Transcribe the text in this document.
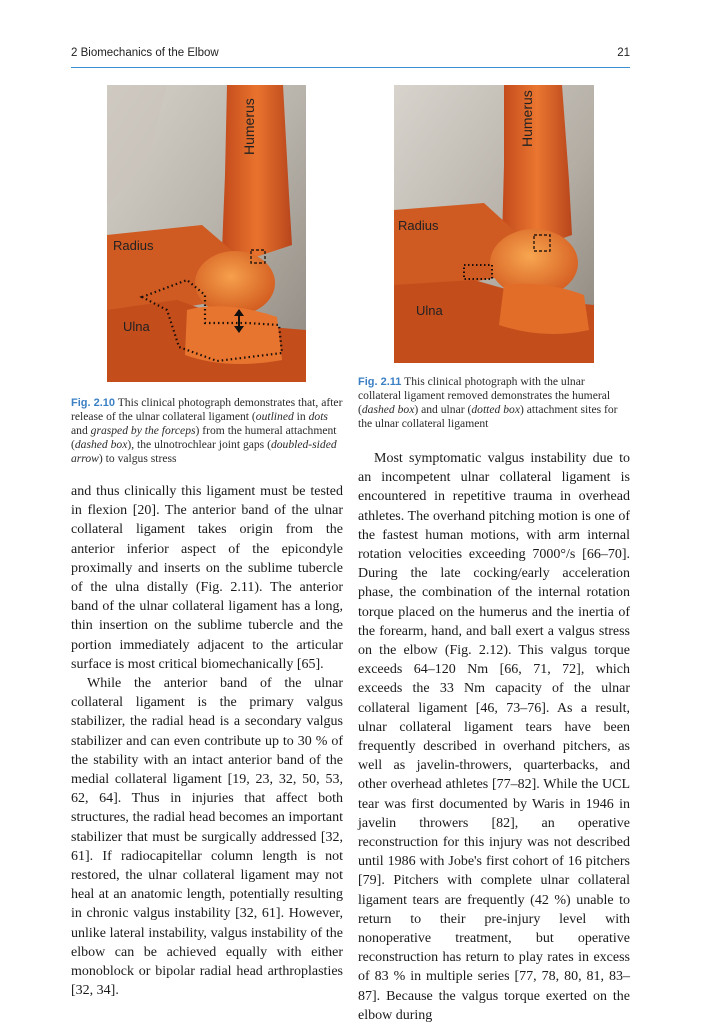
2 Biomechanics of the Elbow	21
Humerus
Radius
Ulna
Humerus
Radius
Ulna
Fig. 2.10 This clinical photograph demonstrates that, after release of the ulnar collateral ligament (outlined in dots and grasped by the forceps) from the humeral attachment (dashed box), the ulnotrochlear joint gaps (doubled-sided arrow) to valgus stress
Fig. 2.11 This clinical photograph with the ulnar collateral ligament removed demonstrates the humeral (dashed box) and ulnar (dotted box) attachment sites for the ulnar collateral ligament

and thus clinically this ligament must be tested in flexion [20]. The anterior band of the ulnar collateral ligament takes origin from the anterior inferior aspect of the epicondyle proximally and inserts on the sublime tubercle of the ulna distally (Fig. 2.11). The anterior band of the ulnar collateral ligament has a long, thin insertion on the sublime tubercle and the portion immediately adjacent to the articular surface is most critical biomechanically [65].

While the anterior band of the ulnar collateral ligament is the primary valgus stabilizer, the radial head is a secondary valgus stabilizer and can even contribute up to 30 % of the stability with an intact anterior band of the medial collateral ligament [19, 23, 32, 50, 53, 62, 64]. Thus in injuries that affect both structures, the radial head becomes an important stabilizer that must be surgically addressed [32, 61]. If radiocapitellar column length is not restored, the ulnar collateral ligament may not heal at an anatomic length, potentially resulting in chronic valgus instability [32, 61]. However, unlike lateral instability, valgus instability of the elbow can be achieved equally with either monoblock or bipolar radial head arthroplasties [32, 34].

Most symptomatic valgus instability due to an incompetent ulnar collateral ligament is encountered in repetitive trauma in overhead athletes. The overhand pitching motion is one of the fastest human motions, with arm internal rotation velocities exceeding 7000°/s [66–70]. During the late cocking/early acceleration phase, the combination of the internal rotation torque placed on the humerus and the inertia of the forearm, hand, and ball exert a valgus stress on the elbow (Fig. 2.12). This valgus torque exceeds 64–120 Nm [66, 71, 72], which exceeds the 33 Nm capacity of the ulnar collateral ligament [46, 73–76]. As a result, ulnar collateral ligament tears have been frequently described in overhand pitchers, as well as javelin-throwers, quarterbacks, and other overhead athletes [77–82]. While the UCL tear was first documented by Waris in 1946 in javelin throwers [82], an operative reconstruction for this injury was not described until 1986 with Jobe's first cohort of 16 pitchers [79]. Pitchers with complete ulnar collateral ligament tears are frequently (42 %) unable to return to their pre-injury level with nonoperative treatment, but operative reconstruction has return to play rates in excess of 83 % in multiple series [77, 78, 80, 81, 83–87]. Because the valgus torque exerted on the elbow during
